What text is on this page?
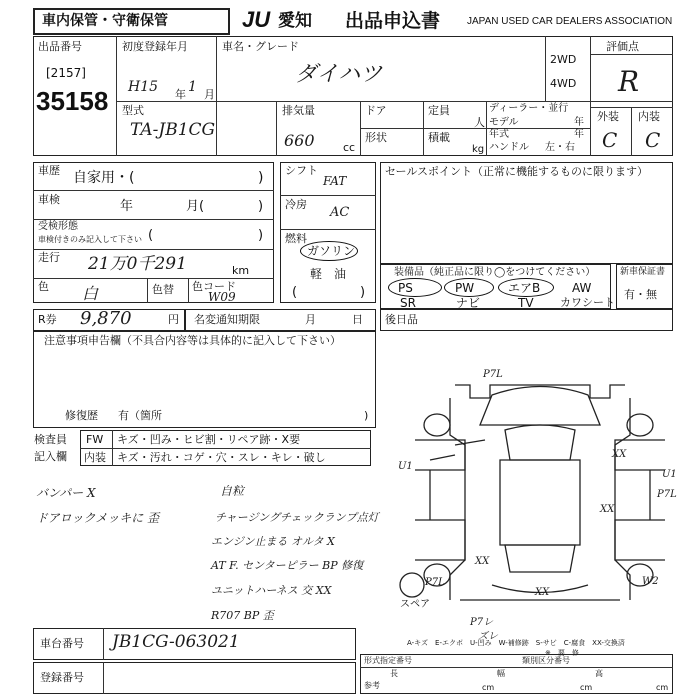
車内保管・守衛保管	JU 愛知 出品申込書	JAPAN USED CAR DEALERS ASSOCIATION
出品番号
[2157]
35158
初度登録年月
H15 年 1 月
車名・グレード
ダイハツ
2WD
4WD
評価点
R
外装 内装
C C
型式
TA-JB1CG
排気量
660	cc
ドア	定員
人
形状	積載
kg
ディーラー・並行
モデル	年
年式	年
ハンドル 左・右
車歴 自家用・(	)
車検	年	月(	)
受検形態
車検付きのみ記入して下さい (	)
走行 21万0千291	km
色 白	色替 色コード
W09
シフト
FAT
冷房
AC
燃料
ガソリン
軽　油
(	)
セールスポイント（正常に機能するものに限ります）
装備品（純正品に限り◯をつけてください）
PS	PW	エアB	AW
SR	ナビ	TV カワシート
新車保証書
有・無
R券 9,870	円 名変通知期限	月	日 後日品
注意事項申告欄（不具合内容等は具体的に記入して下さい）
修復歴 有（箇所	)
検査員
記入欄
FW キズ・凹み・ヒビ割・リペア跡・X要
内装 キズ・汚れ・コゲ・穴・スレ・キレ・破し
バンパー X
ドアロックメッキに 歪
自粒
チャージングチェックランプ点灯
エンジン止まる オルタ X
AT F. センターピラー BP 修復
ユニットハーネス 交 XX
R707 BP 歪
U1
U1
P7L
XX
XX
P7L	W2
XX
XX
P7L
スペア
P7レ
ズレ
A-キズ　E-エクボ　U-凹み　W-補修跡　S-サビ　C-腐食　XX-交換済
※　要　修
車台番号 JB1CG-063021
登録番号
形式指定番号	類別区分番号
参考
長
cm
幅
cm
高
cm
